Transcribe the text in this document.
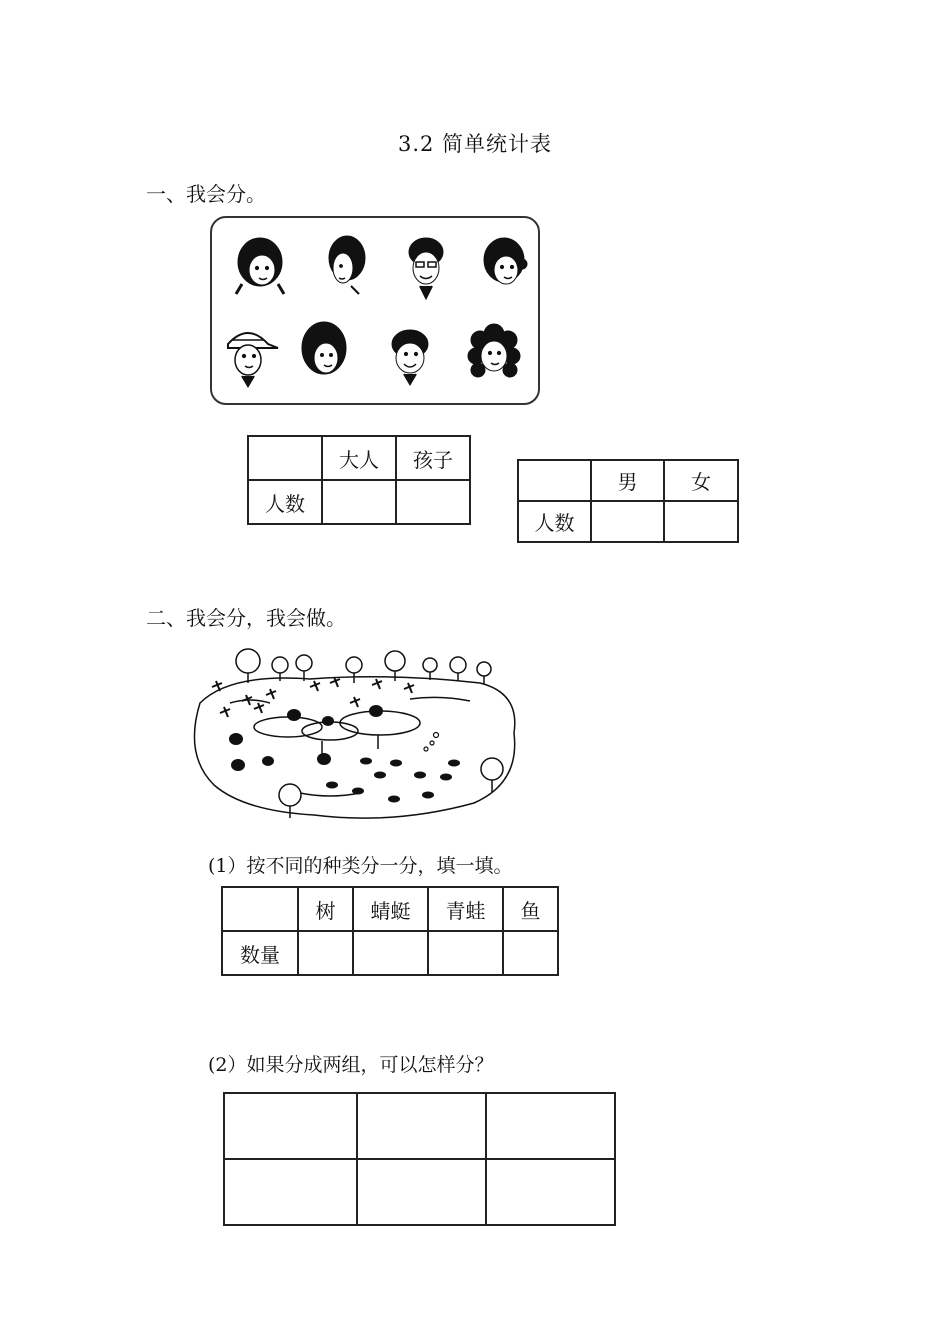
3.2 简单统计表
一、我会分。
	大人	孩子
人数		
	男	女
人数		
二、我会分，我会做。
(1）按不同的种类分一分，填一填。
	树	蜻蜓	青蛙	鱼
数量				
(2）如果分成两组，可以怎样分？
